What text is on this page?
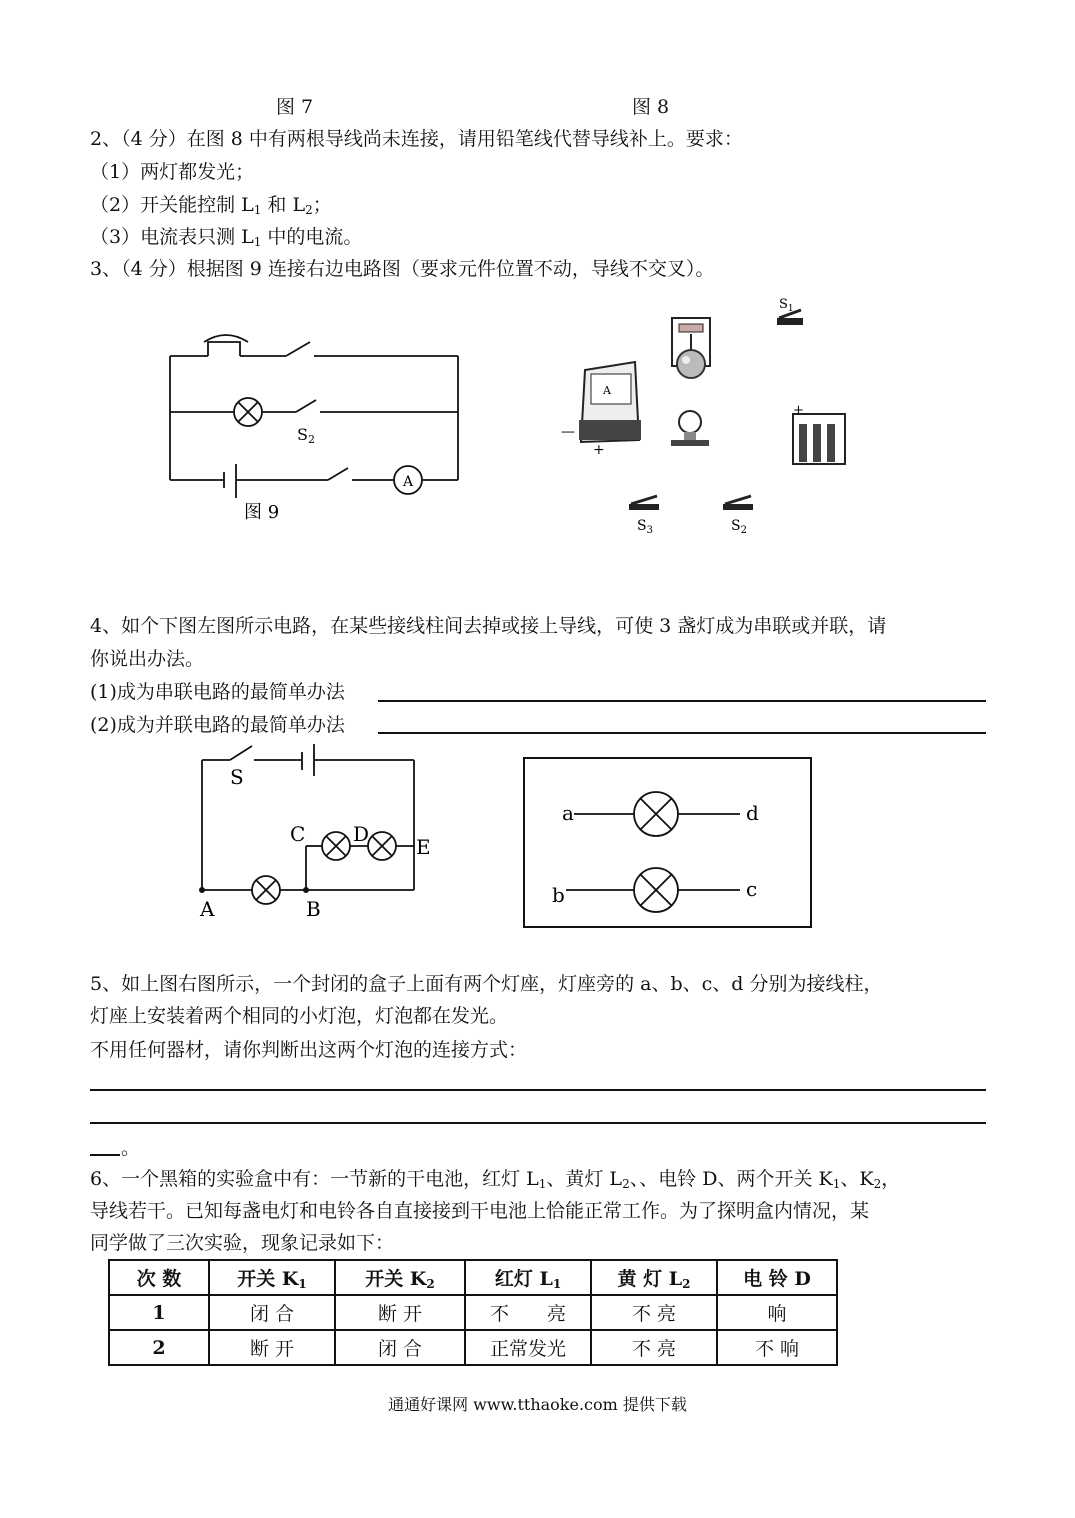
图 7	图 8
2、（4 分）在图 8 中有两根导线尚未连接，请用铅笔线代替导线补上。要求：
（1）两灯都发光；
（2）开关能控制 $L_1$ 和 $L_2$；
（3）电流表只测 $L_1$ 中的电流。
3、（4 分）根据图 9 连接右边电路图（要求元件位置不动，导线不交叉）。
S2
A
图 9
$S_1$
A
—
+
+
$S_3$	$S_2$
4、如个下图左图所示电路，在某些接线柱间去掉或接上导线，可使 3 盏灯成为串联或并联，请
你说出办法。
(1)成为串联电路的最简单办法
(2)成为并联电路的最简单办法
S
C D
E
A	B
a	d
b	c
5、如上图右图所示，一个封闭的盒子上面有两个灯座，灯座旁的 a、b、c、d 分别为接线柱，
灯座上安装着两个相同的小灯泡，灯泡都在发光。
不用任何器材，请你判断出这两个灯泡的连接方式：
。
6、一个黑箱的实验盒中有：一节新的干电池，红灯 $L_1$、黄灯 $L_2$、、电铃 D、两个开关 $K_1$、$K_2$，
导线若干。已知每盏电灯和电铃各自直接接到干电池上恰能正常工作。为了探明盒内情况，某
同学做了三次实验，现象记录如下：
次 数	开关 $K_1$	开关 $K_2$	红灯 $L_1$	黄 灯 $L_2$	电 铃 D
1	闭 合	断 开	不　　亮	不 亮	响
2	断 开	闭 合	正常发光	不 亮	不 响
通通好课网 www.tthaoke.com 提供下载
